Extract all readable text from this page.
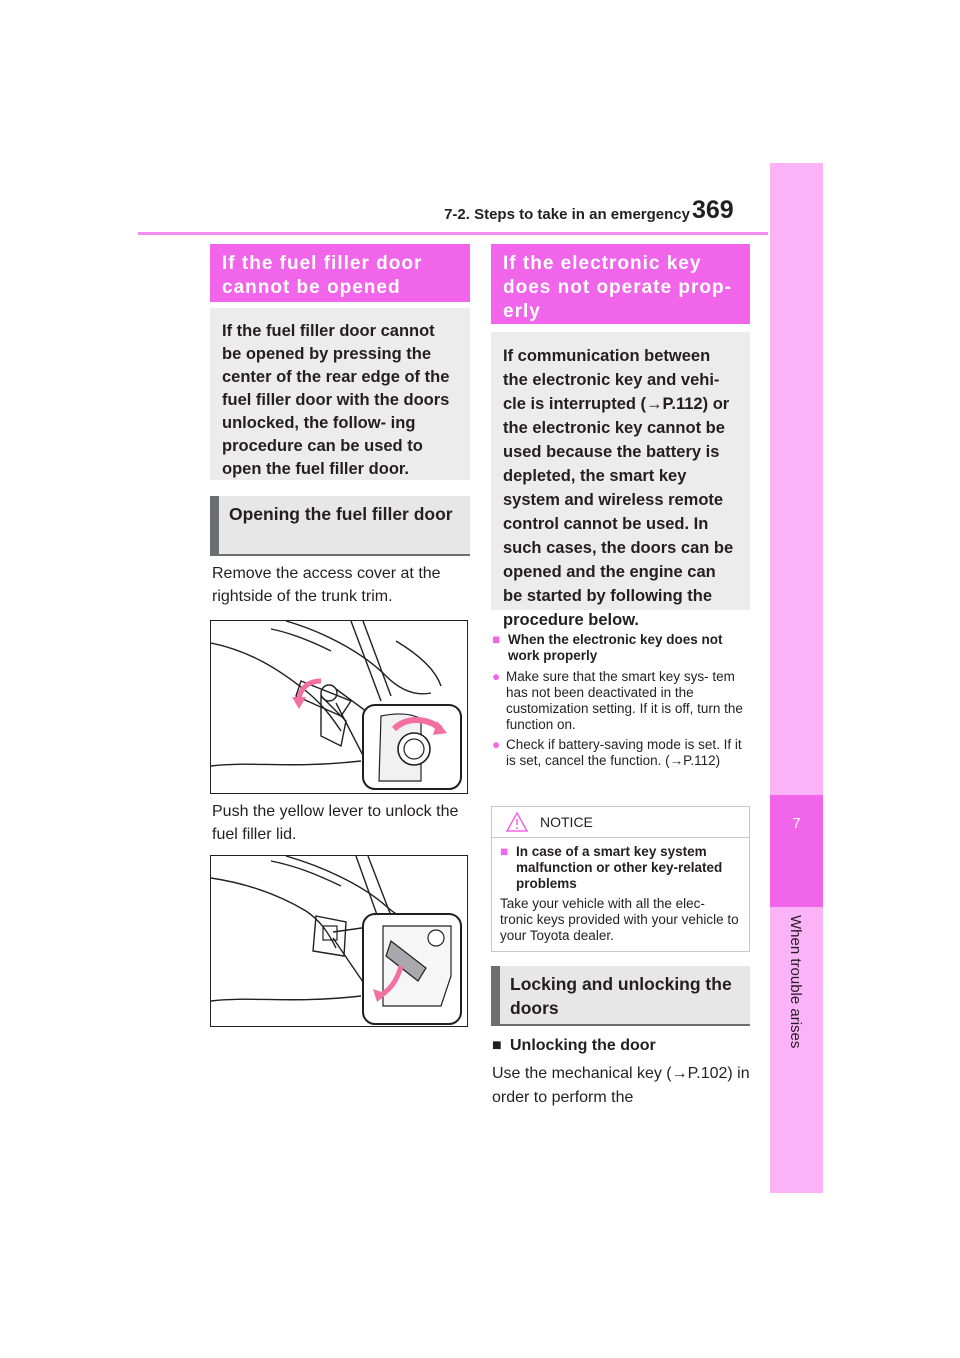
7-2. Steps to take in an emergency 369
7
When trouble arises
If the fuel filler door cannot be opened
If the fuel filler door cannot be opened by pressing the center of the rear edge of the fuel filler door with the doors unlocked, the follow- ing procedure can be used to open the fuel filler door.
Opening the fuel filler door
Remove the access cover at the rightside of the trunk trim.
Push the yellow lever to unlock the fuel filler lid.
If the electronic key does not operate prop- erly
If communication between the electronic key and vehi- cle is interrupted (→P.112) or the electronic key cannot be used because the battery is depleted, the smart key system and wireless remote control cannot be used. In such cases, the doors can be opened and the engine can be started by following the procedure below.
■ When the electronic key does not work properly
● Make sure that the smart key sys- tem has not been deactivated in the customization setting. If it is off, turn the function on.
● Check if battery-saving mode is set. If it is set, cancel the function. (→P.112)
NOTICE
■ In case of a smart key system malfunction or other key-related problems
Take your vehicle with all the elec- tronic keys provided with your vehicle to your Toyota dealer.
Locking and unlocking the doors
■ Unlocking the door
Use the mechanical key (→P.102) in order to perform the
